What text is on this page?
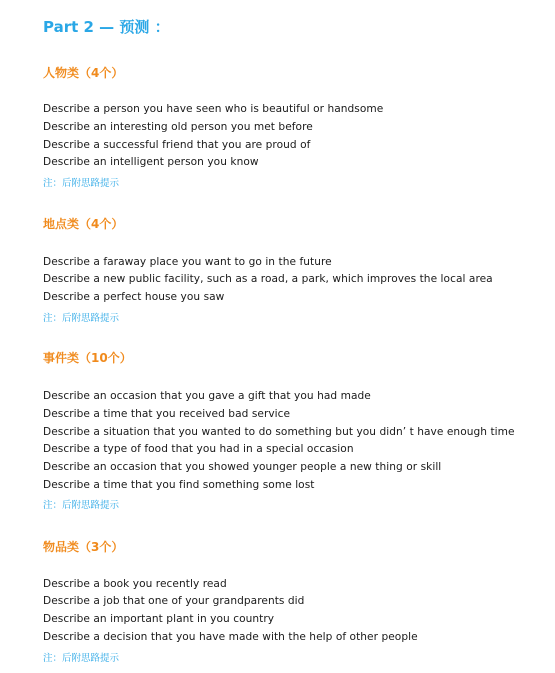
Part 2 — 预测 ：
人物类（4个）
Describe a person you have seen who is beautiful or handsome
Describe an interesting old person you met before
Describe a successful friend that you are proud of
Describe an intelligent person you know
注：后附思路提示
地点类（4个）
Describe a faraway place you want to go in the future
Describe a new public facility, such as a road, a park, which improves the local area
Describe a perfect house you saw
注：后附思路提示
事件类（10个）
Describe an occasion that you gave a gift that you had made
Describe a time that you received bad service
Describe a situation that you wanted to do something but you didn’ t have enough time
Describe a type of food that you had in a special occasion
Describe an occasion that you showed younger people a new thing or skill
Describe a time that you find something some lost
注：后附思路提示
物品类（3个）
Describe a book you recently read
Describe a job that one of your grandparents did
Describe an important plant in you country
Describe a decision that you have made with the help of other people
注：后附思路提示
